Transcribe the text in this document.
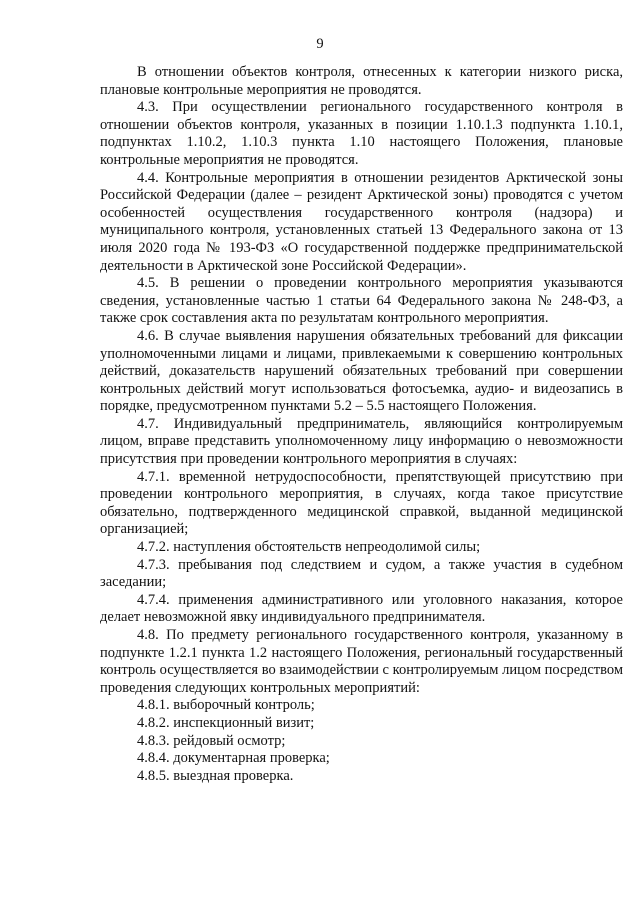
9

В отношении объектов контроля, отнесенных к категории низкого риска, плановые контрольные мероприятия не проводятся.

4.3. При осуществлении регионального государственного контроля в отношении объектов контроля, указанных в позиции 1.10.1.3 подпункта 1.10.1, подпунктах 1.10.2, 1.10.3 пункта 1.10 настоящего Положения, плановые контрольные мероприятия не проводятся.

4.4. Контрольные мероприятия в отношении резидентов Арктической зоны Российской Федерации (далее – резидент Арктической зоны) проводятся с учетом особенностей осуществления государственного контроля (надзора) и муниципального контроля, установленных статьей 13 Федерального закона от 13 июля 2020 года № 193-ФЗ «О государственной поддержке предпринимательской деятельности в Арктической зоне Российской Федерации».

4.5. В решении о проведении контрольного мероприятия указываются сведения, установленные частью 1 статьи 64 Федерального закона № 248-ФЗ, а также срок составления акта по результатам контрольного мероприятия.

4.6. В случае выявления нарушения обязательных требований для фиксации уполномоченными лицами и лицами, привлекаемыми к совершению контрольных действий, доказательств нарушений обязательных требований при совершении контрольных действий могут использоваться фотосъемка, аудио- и видеозапись в порядке, предусмотренном пунктами 5.2 – 5.5 настоящего Положения.

4.7. Индивидуальный предприниматель, являющийся контролируемым лицом, вправе представить уполномоченному лицу информацию о невозможности присутствия при проведении контрольного мероприятия в случаях:

4.7.1. временной нетрудоспособности, препятствующей присутствию при проведении контрольного мероприятия, в случаях, когда такое присутствие обязательно, подтвержденного медицинской справкой, выданной медицинской организацией;

4.7.2. наступления обстоятельств непреодолимой силы;

4.7.3. пребывания под следствием и судом, а также участия в судебном заседании;

4.7.4. применения административного или уголовного наказания, которое делает невозможной явку индивидуального предпринимателя.

4.8. По предмету регионального государственного контроля, указанному в подпункте 1.2.1 пункта 1.2 настоящего Положения, региональный государственный контроль осуществляется во взаимодействии с контролируемым лицом посредством проведения следующих контрольных мероприятий:

4.8.1. выборочный контроль;

4.8.2. инспекционный визит;

4.8.3. рейдовый осмотр;

4.8.4. документарная проверка;

4.8.5. выездная проверка.
